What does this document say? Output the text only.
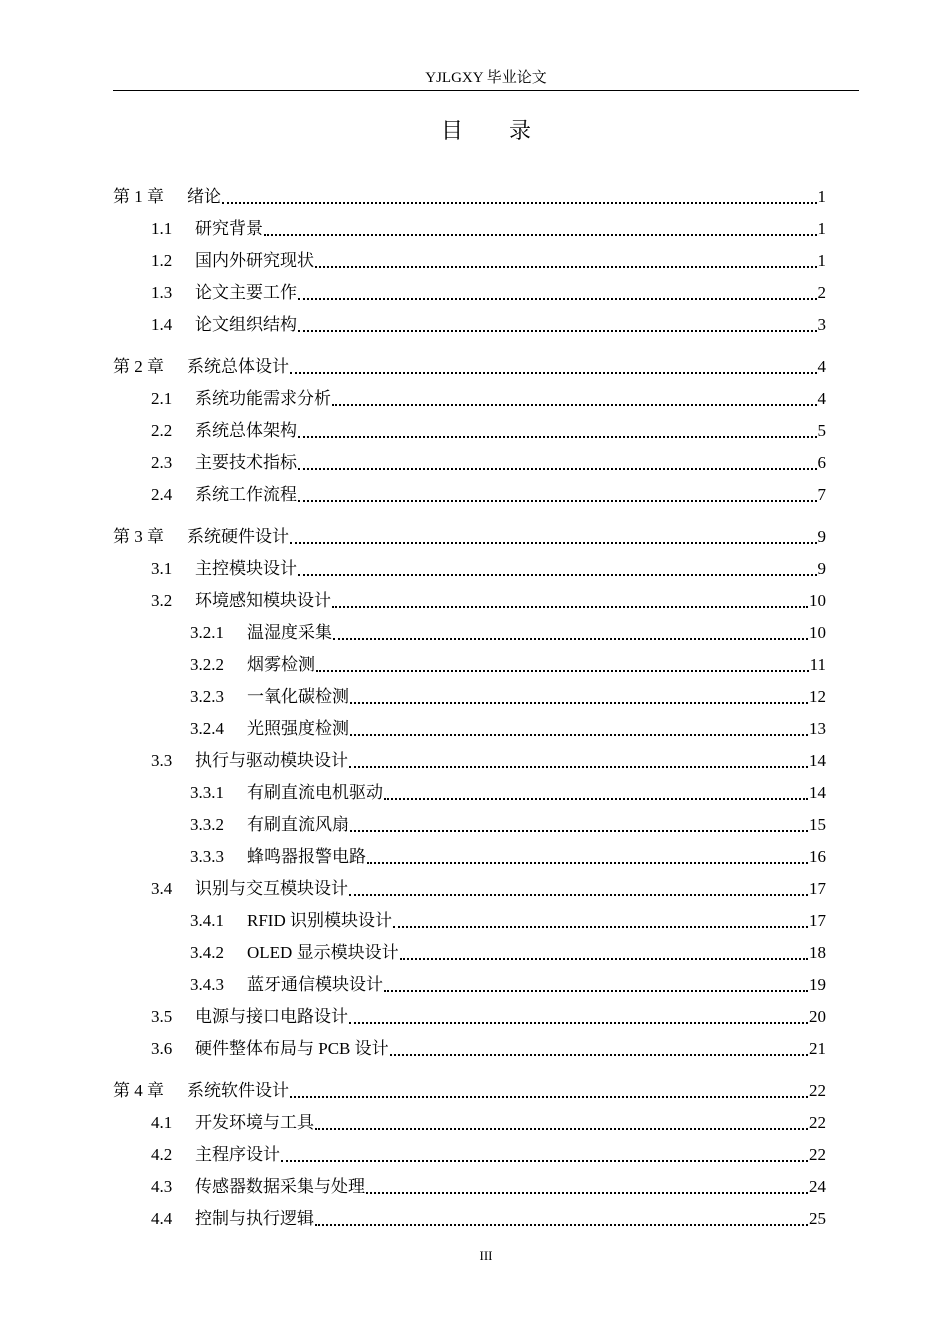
YJLGXY 毕业论文
目 录
第 1 章	绪论	1
1.1	研究背景	1
1.2	国内外研究现状	1
1.3	论文主要工作	2
1.4	论文组织结构	3
第 2 章	系统总体设计	4
2.1	系统功能需求分析	4
2.2	系统总体架构	5
2.3	主要技术指标	6
2.4	系统工作流程	7
第 3 章	系统硬件设计	9
3.1	主控模块设计	9
3.2	环境感知模块设计	10
3.2.1	温湿度采集	10
3.2.2	烟雾检测	11
3.2.3	一氧化碳检测	12
3.2.4	光照强度检测	13
3.3	执行与驱动模块设计	14
3.3.1	有刷直流电机驱动	14
3.3.2	有刷直流风扇	15
3.3.3	蜂鸣器报警电路	16
3.4	识别与交互模块设计	17
3.4.1	RFID 识别模块设计	17
3.4.2	OLED 显示模块设计	18
3.4.3	蓝牙通信模块设计	19
3.5	电源与接口电路设计	20
3.6	硬件整体布局与 PCB 设计	21
第 4 章	系统软件设计	22
4.1	开发环境与工具	22
4.2	主程序设计	22
4.3	传感器数据采集与处理	24
4.4	控制与执行逻辑	25
III
